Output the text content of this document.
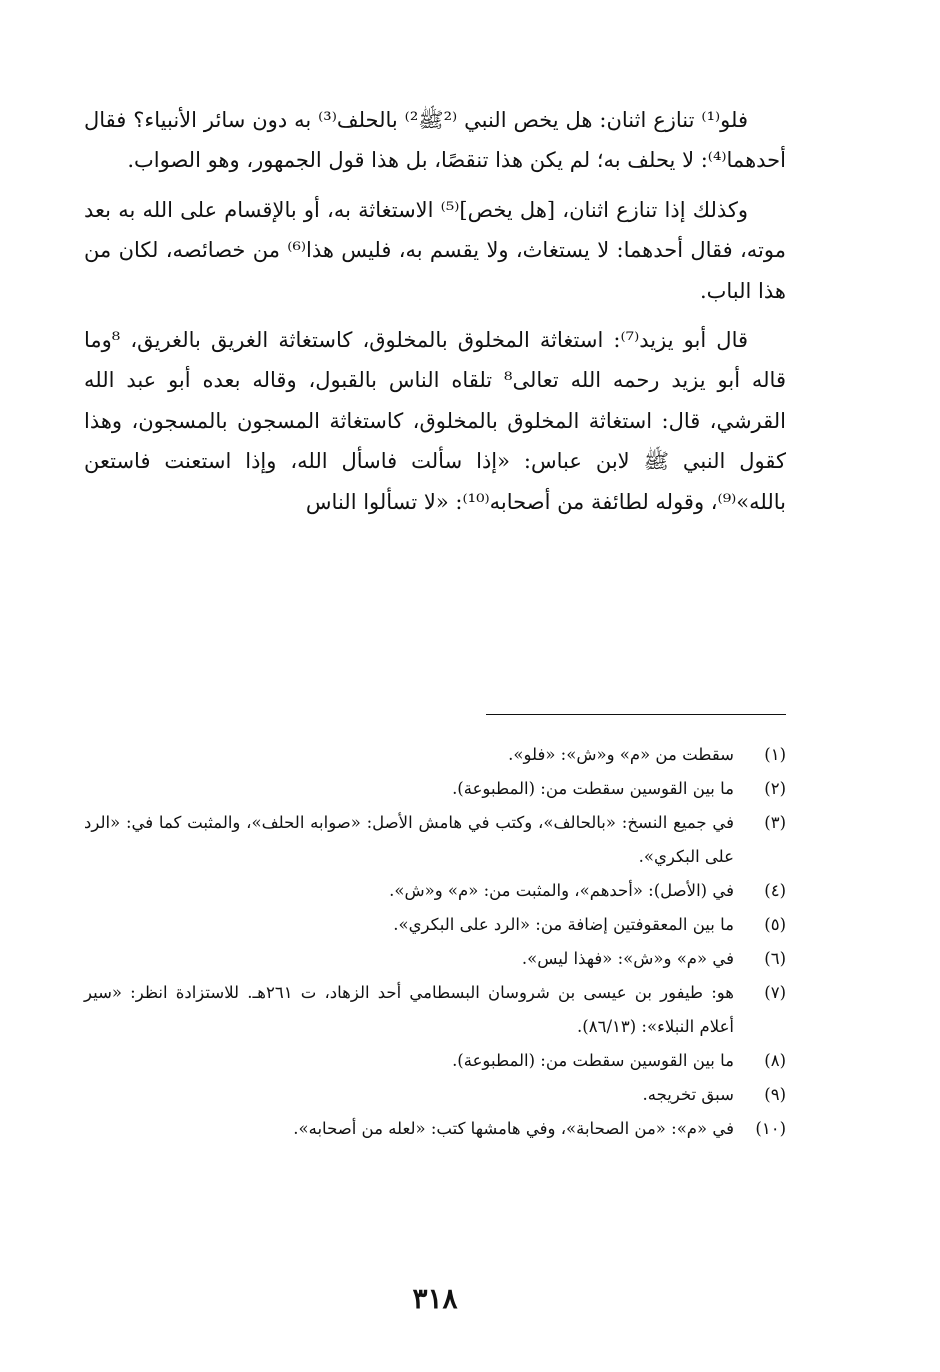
فلو⁽¹⁾ تنازع اثنان: هل يخص النبي ⁽²ﷺ²⁾ بالحلف⁽³⁾ به دون سائر الأنبياء؟ فقال أحدهما⁽⁴⁾: لا يحلف به؛ لم يكن هذا تنقصًا، بل هذا قول الجمهور، وهو الصواب.

وكذلك إذا تنازع اثنان، [هل يخص]⁽⁵⁾ الاستغاثة به، أو بالإقسام على الله به بعد موته، فقال أحدهما: لا يستغاث، ولا يقسم به، فليس هذا⁽⁶⁾ من خصائصه، لكان من هذا الباب.

قال أبو يزيد⁽⁷⁾: استغاثة المخلوق بالمخلوق، كاستغاثة الغريق بالغريق، ⁸وما قاله أبو يزيد رحمه الله تعالى⁸ تلقاه الناس بالقبول، وقاله بعده أبو عبد الله القرشي، قال: استغاثة المخلوق بالمخلوق، كاستغاثة المسجون بالمسجون، وهذا كقول النبي ﷺ لابن عباس: «إذا سألت فاسأل الله، وإذا استعنت فاستعن بالله»⁽⁹⁾، وقوله لطائفة من أصحابه⁽¹⁰⁾: «لا تسألوا الناس

(١)
سقطت من «م» و«ش»: «فلو».
(٢)
ما بين القوسين سقطت من: (المطبوعة).
(٣)
في جميع النسخ: «بالحالف»، وكتب في هامش الأصل: «صوابه الحلف»، والمثبت كما في: «الرد على البكري».
(٤)
في (الأصل): «أحدهم»، والمثبت من: «م» و«ش».
(٥)
ما بين المعقوفتين إضافة من: «الرد على البكري».
(٦)
في «م» و«ش»: «فهذا ليس».
(٧)
هو: طيفور بن عيسى بن شروسان البسطامي أحد الزهاد، ت ٢٦١هـ. للاستزادة انظر: «سير أعلام النبلاء»: (٨٦/١٣).
(٨)
ما بين القوسين سقطت من: (المطبوعة).
(٩)
سبق تخريجه.
(١٠)
في «م»: «من الصحابة»، وفي هامشها كتب: «لعله من أصحابه».
٣١٨
